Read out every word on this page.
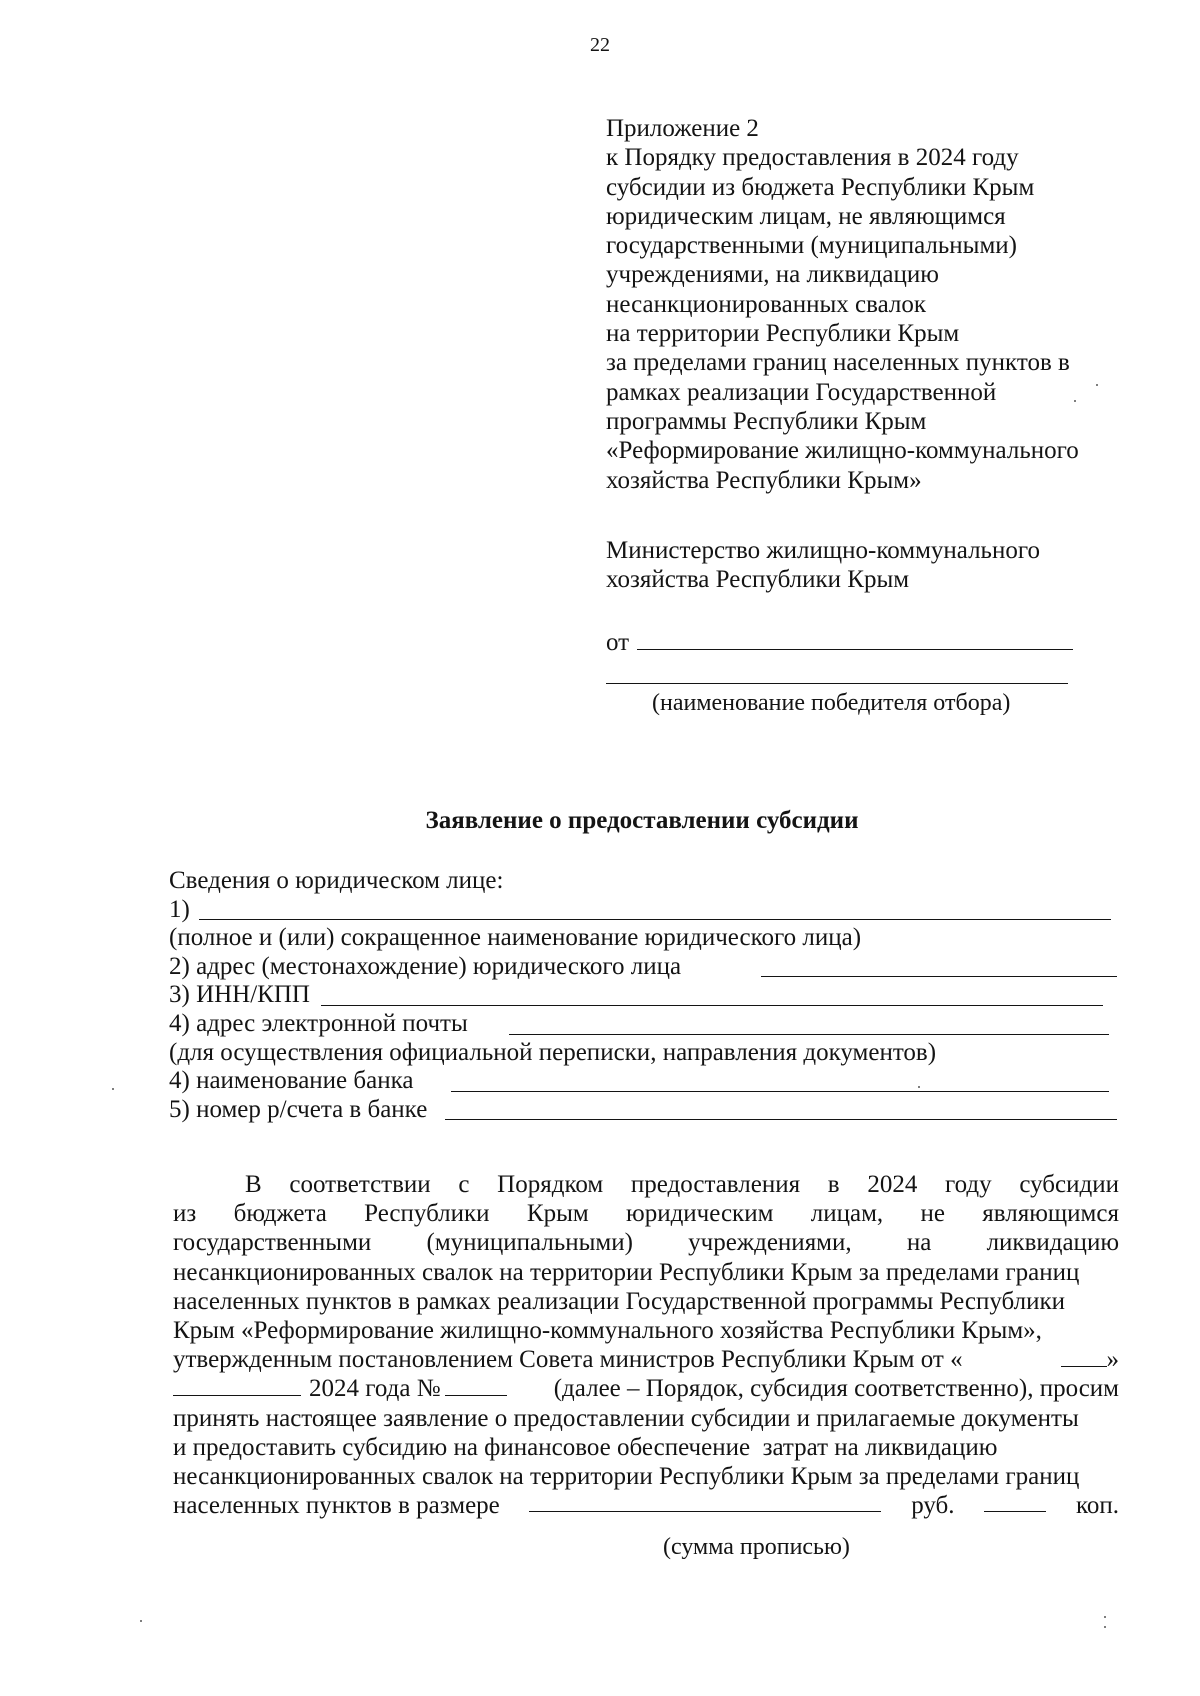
22
Приложение 2
к Порядку предоставления в 2024 году
субсидии из бюджета Республики Крым
юридическим лицам, не являющимся
государственными (муниципальными)
учреждениями, на ликвидацию
несанкционированных свалок
на территории Республики Крым
за пределами границ населенных пунктов в
рамках реализации Государственной
программы Республики Крым
«Реформирование жилищно-коммунального
хозяйства Республики Крым»
Министерство жилищно-коммунального
хозяйства Республики Крым
от
(наименование победителя отбора)
Заявление о предоставлении субсидии
Сведения о юридическом лице:
1)
(полное и (или) сокращенное наименование юридического лица)
2) адрес (местонахождение) юридического лица
3) ИНН/КПП
4) адрес электронной почты
(для осуществления официальной переписки, направления документов)
4) наименование банка
5) номер р/счета в банке
В соответствии с Порядком предоставления в 2024 году субсидии
из бюджета Республики Крым юридическим лицам, не являющимся
государственными (муниципальными) учреждениями, на ликвидацию
несанкционированных свалок на территории Республики Крым за пределами границ
населенных пунктов в рамках реализации Государственной программы Республики
Крым «Реформирование жилищно-коммунального хозяйства Республики Крым»,
утвержденным постановлением Совета министров Республики Крым от «	»
2024 года №	(далее – Порядок, субсидия соответственно), просим
принять настоящее заявление о предоставлении субсидии и прилагаемые документы
и предоставить субсидию на финансовое обеспечение  затрат на ликвидацию
несанкционированных свалок на территории Республики Крым за пределами границ
населенных пунктов в размере	руб.	коп.
(сумма прописью)
